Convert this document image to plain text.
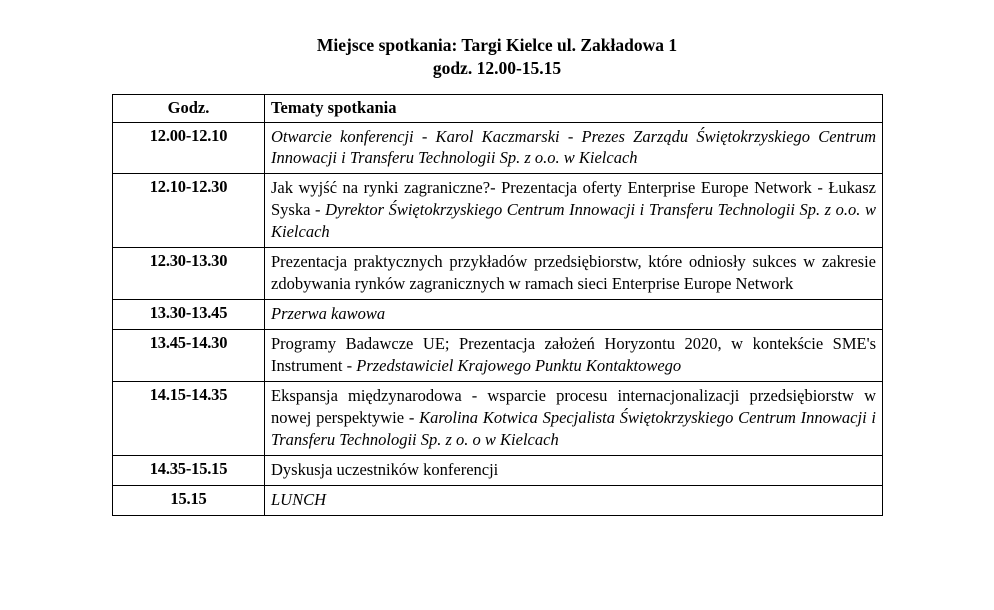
Miejsce spotkania: Targi Kielce ul. Zakładowa 1
godz. 12.00-15.15
Godz.	Tematy spotkania
12.00-12.10	Otwarcie konferencji - Karol Kaczmarski - Prezes Zarządu Świętokrzyskiego Centrum Innowacji i Transferu Technologii Sp. z o.o. w Kielcach
12.10-12.30	Jak wyjść na rynki zagraniczne?- Prezentacja oferty Enterprise Europe Network - Łukasz Syska - Dyrektor Świętokrzyskiego Centrum Innowacji i Transferu Technologii Sp. z o.o. w Kielcach
12.30-13.30	Prezentacja praktycznych przykładów przedsiębiorstw, które odniosły sukces w zakresie zdobywania rynków zagranicznych w ramach sieci Enterprise Europe Network
13.30-13.45	Przerwa kawowa
13.45-14.30	Programy Badawcze UE; Prezentacja założeń Horyzontu 2020, w kontekście SME's Instrument - Przedstawiciel Krajowego Punktu Kontaktowego
14.15-14.35	Ekspansja międzynarodowa - wsparcie procesu internacjonalizacji przedsiębiorstw w nowej perspektywie - Karolina Kotwica Specjalista Świętokrzyskiego Centrum Innowacji i Transferu Technologii Sp. z o. o w Kielcach
14.35-15.15	Dyskusja uczestników konferencji
15.15	LUNCH
